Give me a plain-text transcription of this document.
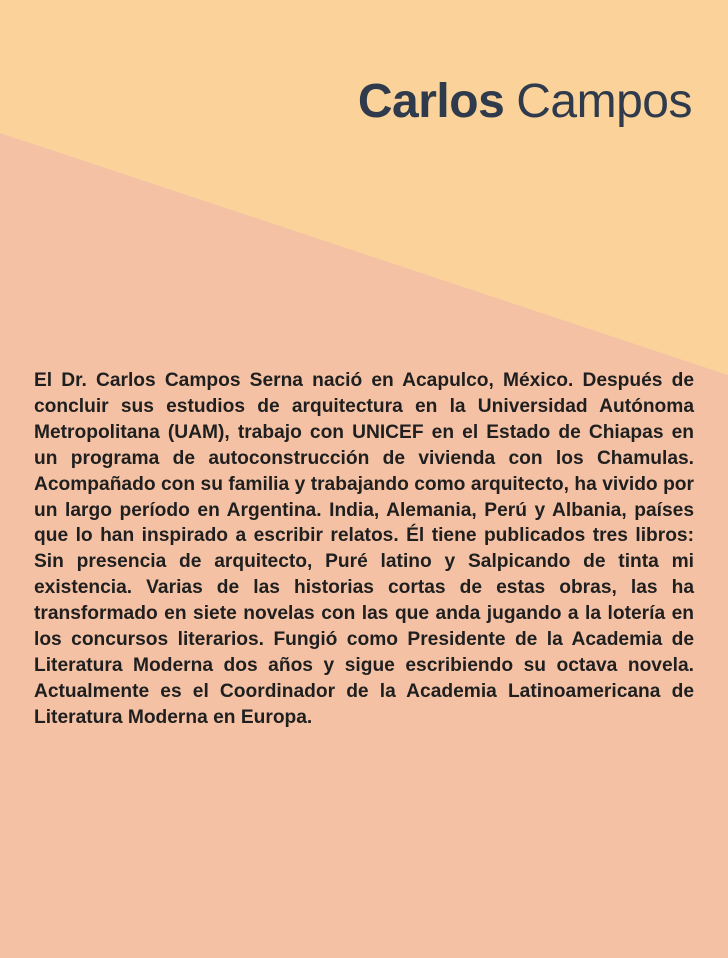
Carlos Campos

El Dr. Carlos Campos Serna nació en Acapulco, México. Después de concluir sus estudios de arquitectura en la Universidad Autónoma Metropolitana (UAM), trabajo con UNICEF en el Estado de Chiapas en un programa de autoconstrucción de vivienda con los Chamulas. Acompañado con su familia y trabajando como arquitecto, ha vivido por un largo período en Argentina. India, Alemania, Perú y Albania, países que lo han inspirado a escribir relatos. Él tiene publicados tres libros: Sin presencia de arquitecto, Puré latino y Salpicando de tinta mi existencia. Varias de las historias cortas de estas obras, las ha transformado en siete novelas con las que anda jugando a la lotería en los concursos literarios. Fungió como Presidente de la Academia de Literatura Moderna dos años y sigue escribiendo su octava novela. Actualmente es el Coordinador de la Academia Latinoamericana de Literatura Moderna en Europa.
